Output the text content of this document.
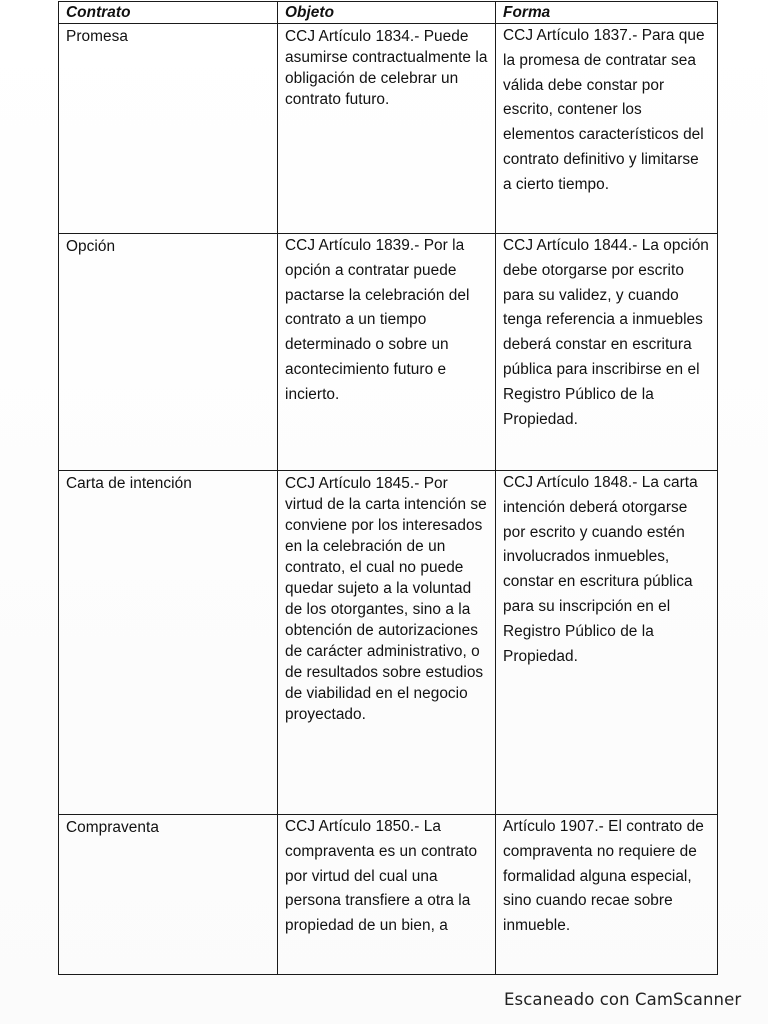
Contrato	Objeto	Forma
Promesa	CCJ Artículo 1834.- Puede asumirse contractualmente la obligación de celebrar un contrato futuro.	CCJ Artículo 1837.- Para que la promesa de contratar sea válida debe constar por escrito, contener los elementos característicos del contrato definitivo y limitarse a cierto tiempo.
Opción	CCJ Artículo 1839.- Por la opción a contratar puede pactarse la celebración del contrato a un tiempo determinado o sobre un acontecimiento futuro e incierto.	CCJ Artículo 1844.- La opción debe otorgarse por escrito para su validez, y cuando tenga referencia a inmuebles deberá constar en escritura pública para inscribirse en el Registro Público de la Propiedad.
Carta de intención	CCJ Artículo 1845.- Por virtud de la carta intención se conviene por los interesados en la celebración de un contrato, el cual no puede quedar sujeto a la voluntad de los otorgantes, sino a la obtención de autorizaciones de carácter administrativo, o de resultados sobre estudios de viabilidad en el negocio proyectado.	CCJ Artículo 1848.- La carta intención deberá otorgarse por escrito y cuando estén involucrados inmuebles, constar en escritura pública para su inscripción en el Registro Público de la Propiedad.
Compraventa	CCJ Artículo 1850.- La compraventa es un contrato por virtud del cual una persona transfiere a otra la propiedad de un bien, a	Artículo 1907.- El contrato de compraventa no requiere de formalidad alguna especial, sino cuando recae sobre inmueble.
Escaneado con CamScanner
